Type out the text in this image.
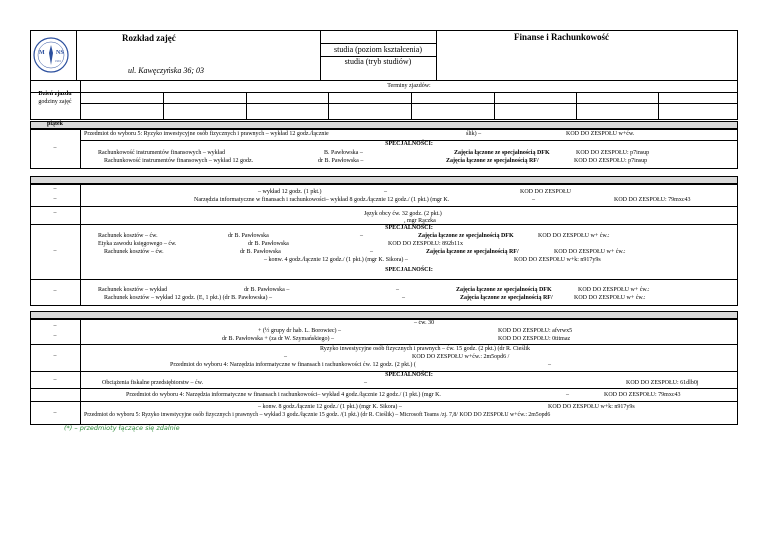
M NS
1991
Rozkład zajęć
ul. Kawęczyńska 36; 03
Finanse i Rachunkowość
studia (poziom kształcenia)
studia (tryb studiów)
Dzień zjazdu
godziny zajęć
Terminy zjazdów:
piątek
–
Przedmiot do wyboru 5: Ryzyko inwestycyjne osób fizycznych i prawnych – wykład 12 godz./łącznie	ślik) –	KOD DO ZESPOŁU w+ćw.
SPECJALNOŚCI:
Rachunkowość instrumentów finansowych – wykład	B. Pawłowska –	Zajęcia łączone ze specjalnością DFK	KOD DO ZESPOŁU: p7insup
Rachunkowość instrumentów finansowych – wykład 12 godz.	dr B. Pawłowska –	Zajęcia łączone ze specjalnością RF/	KOD DO ZESPOŁU: p7insup
–
–
–
–
–
– wykład 12 godz. (1 pkt.)	–	KOD DO ZESPOŁU
Narzędzia informatyczne w finansach i rachunkowości– wykład 8 godz./łącznie 12 godz./ (1 pkt.) (mgr K.	–	KOD DO ZESPOŁU: 79mxc43
Język obcy ćw. 32 godz. (2 pkt.)
, mgr Rączka
SPECJALNOŚCI:
Rachunek kosztów – ćw.	dr B. Pawłowska	–	Zajęcia łączone ze specjalnością DFK	KOD DO ZESPOŁU w+ ćw.:
Etyka zawodu księgowego – ćw.	dr B. Pawłowska	KOD DO ZESPOŁU: 892b11x
Rachunek kosztów – ćw.	dr B. Pawłowska	–	Zajęcia łączone ze specjalnością RF/	KOD DO ZESPOŁU w+ ćw.:
– konw. 4 godz./łącznie 12 godz./ (1 pkt.) (mgr K. Sikora) –	KOD DO ZESPOŁU w+k: n917y9s
SPECJALNOŚCI:
Rachunek kosztów – wykład	dr B. Pawłowska –	–	Zajęcia łączone ze specjalnością DFK	KOD DO ZESPOŁU w+ ćw.:
Rachunek kosztów – wykład 12 godz. (E, 1 pkt.) (dr B. Pawłowska) –	–	Zajęcia łączone ze specjalnością RF/	KOD DO ZESPOŁU w+ ćw.:
–
–
–
–
–
– ćw. 30
+ (½ grupy dr hab. L. Borowiec) –	KOD DO ZESPOŁU: afvrwx5
dr B. Pawłowska + (za dr W. Szymańskiego) –	KOD DO ZESPOŁU: 0titmaz
Ryzyko inwestycyjne osób fizycznych i prawnych – ćw. 15 godz. (2 pkt.) (dr R. Cieślik
–	KOD DO ZESPOŁU w+ćw.: 2m5opd6 /
Przedmiot do wyboru 4: Narzędzia informatyczne w finansach i rachunkowości ćw. 12 godz. (2 pkt.) (	–
SPECJALNOŚCI:
Obciążenia fiskalne przedsiębiorstw – ćw.	–	KOD DO ZESPOŁU: 61dlb0j
Przedmiot do wyboru 4: Narzędzia informatyczne w finansach i rachunkowości– wykład 4 godz./łącznie 12 godz./ (1 pkt.) (mgr K.	–	KOD DO ZESPOŁU: 79mxc43
– konw. 8 godz./łącznie 12 godz./ (1 pkt.) (mgr K. Sikora) –	KOD DO ZESPOŁU w+k: n917y9s
Przedmiot do wyboru 5: Ryzyko inwestycyjne osób fizycznych i prawnych – wykład 3 godz./łącznie 15 godz. /(1 pkt.) (dr R. Cieślik) – Microsoft Teams /zj. 7,8/ KOD DO ZESPOŁU w+ćw.: 2m5opd6
(*) – przedmioty łączące się zdalnie
